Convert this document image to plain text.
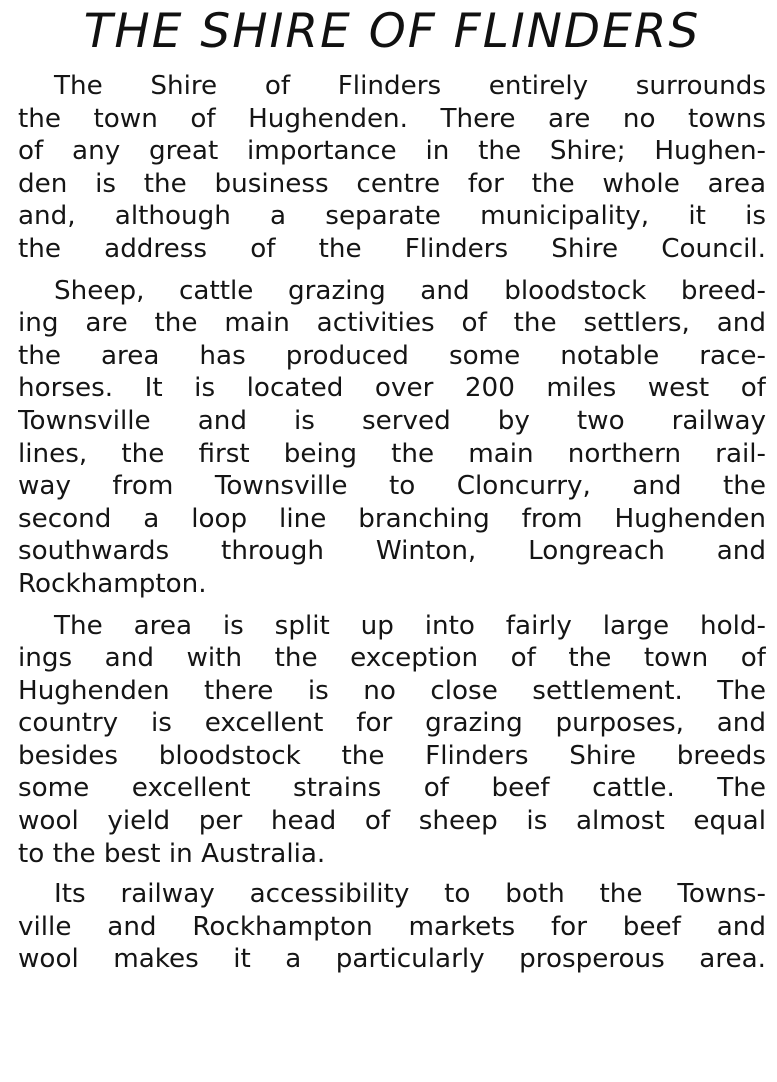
THE SHIRE OF FLINDERS
The Shire of Flinders entirely surrounds
the town of Hughenden. There are no towns
of any great importance in the Shire; Hughen-
den is the business centre for the whole area
and, although a separate municipality, it is
the address of the Flinders Shire Council.
Sheep, cattle grazing and bloodstock breed-
ing are the main activities of the settlers, and
the area has produced some notable race-
horses. It is located over 200 miles west of
Townsville and is served by two railway
lines, the first being the main northern rail-
way from Townsville to Cloncurry, and the
second a loop line branching from Hughenden
southwards through Winton, Longreach and
Rockhampton.
The area is split up into fairly large hold-
ings and with the exception of the town of
Hughenden there is no close settlement. The
country is excellent for grazing purposes, and
besides bloodstock the Flinders Shire breeds
some excellent strains of beef cattle. The
wool yield per head of sheep is almost equal
to the best in Australia.
Its railway accessibility to both the Towns-
ville and Rockhampton markets for beef and
wool makes it a particularly prosperous area.
